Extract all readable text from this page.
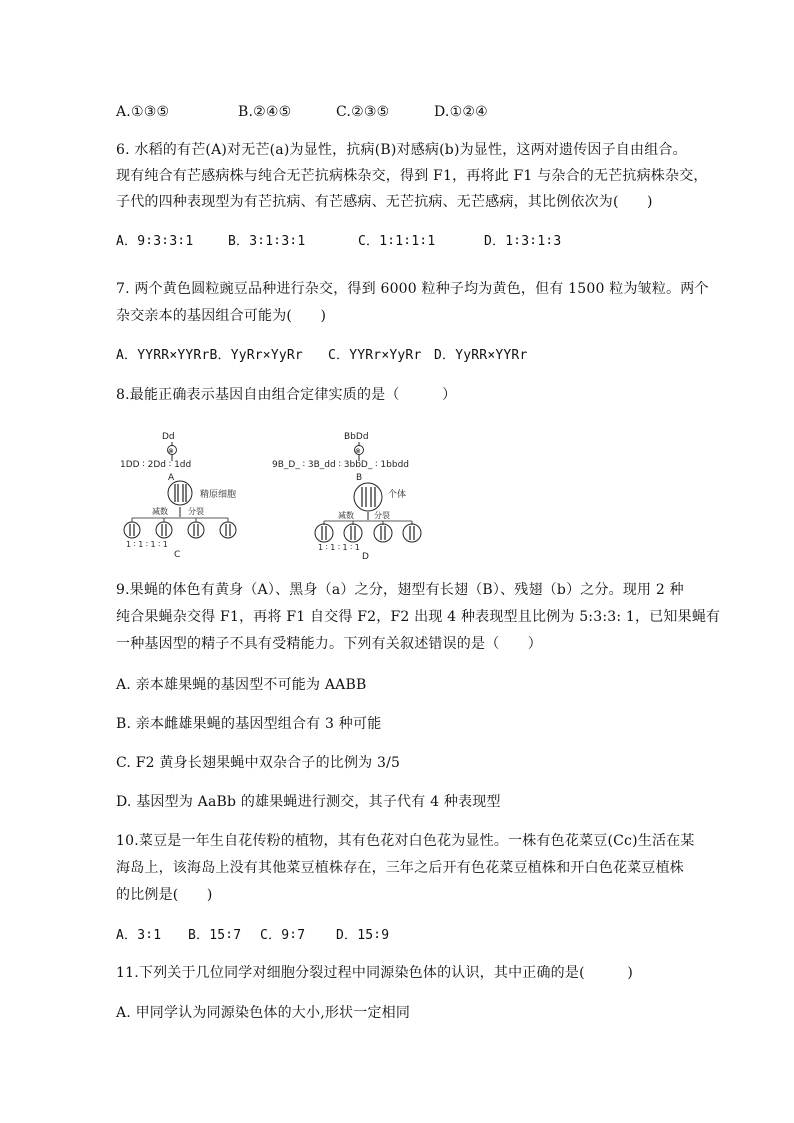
A.①③⑤	B.②④⑤	C.②③⑤	D.①②④
6. 水稻的有芒(A)对无芒(a)为显性，抗病(B)对感病(b)为显性，这两对遗传因子自由组合。
现有纯合有芒感病株与纯合无芒抗病株杂交，得到 F1，再将此 F1 与杂合的无芒抗病株杂交，
子代的四种表现型为有芒抗病、有芒感病、无芒抗病、无芒感病，其比例依次为(　　)
A．9∶3∶3∶1	B．3∶1∶3∶1	C．1∶1∶1∶1	D．1∶3∶1∶3
7. 两个黄色圆粒豌豆品种进行杂交，得到 6000 粒种子均为黄色，但有 1500 粒为皱粒。两个
杂交亲本的基因组合可能为(　　)
A．YYRR×YYRrB．YyRr×YyRr C．YYRr×YyRr D．YyRR×YYRr
8.最能正确表示基因自由组合定律实质的是（　　　）
Dd
⊗
1DD ∶ 2Dd ∶ 1dd
A
BbDd
⊗
9B_D_ ∶ 3B_dd ∶ 3bbD_ ∶ 1bbdd
B
精原细胞
减数	分裂
1 ∶ 1 ∶ 1 ∶ 1
C
个体
减数	分裂
1 ∶ 1 ∶ 1 ∶ 1
D
9.果蝇的体色有黄身（A）、黑身（a）之分，翅型有长翅（B）、残翅（b）之分。现用 2 种
纯合果蝇杂交得 F1，再将 F1 自交得 F2，F2 出现 4 种表现型且比例为 5:3:3: 1，已知果蝇有
一种基因型的精子不具有受精能力。下列有关叙述错误的是（　　）
A. 亲本雄果蝇的基因型不可能为 AABB
B. 亲本雌雄果蝇的基因型组合有 3 种可能
C. F2 黄身长翅果蝇中双杂合子的比例为 3/5
D. 基因型为 AaBb 的雄果蝇进行测交，其子代有 4 种表现型
10.菜豆是一年生自花传粉的植物，其有色花对白色花为显性。一株有色花菜豆(Cc)生活在某
海岛上，该海岛上没有其他菜豆植株存在，三年之后开有色花菜豆植株和开白色花菜豆植株
的比例是(　　)
A．3∶1 B．15∶7 C．9∶7 D．15∶9
11.下列关于几位同学对细胞分裂过程中同源染色体的认识，其中正确的是(　　　)
A. 甲同学认为同源染色体的大小,形状一定相同
